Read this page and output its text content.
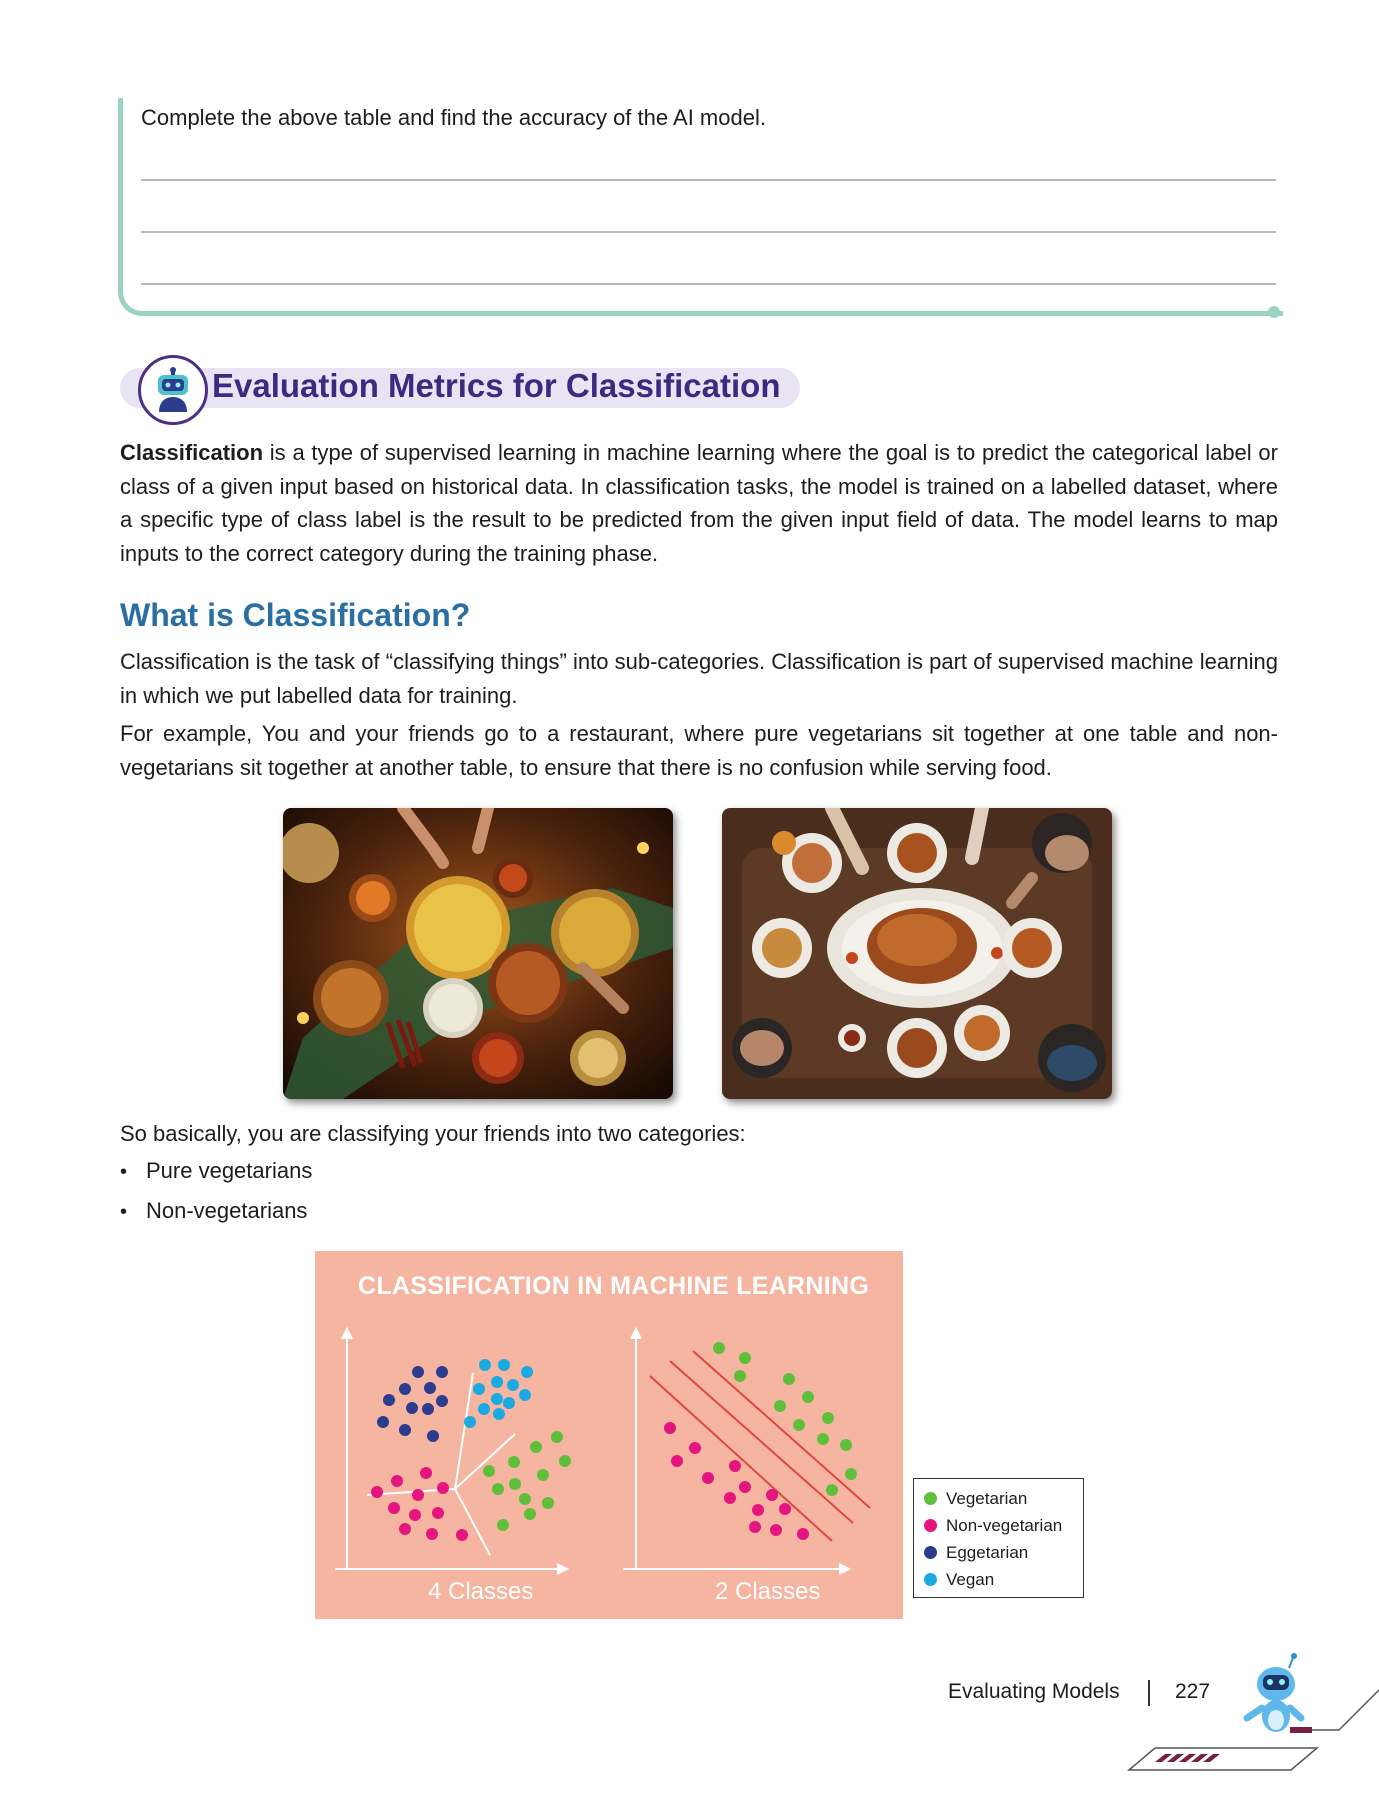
Complete the above table and find the accuracy of the AI model.
Evaluation Metrics for Classification
Classification is a type of supervised learning in machine learning where the goal is to predict the categorical label or class of a given input based on historical data. In classification tasks, the model is trained on a labelled dataset, where a specific type of class label is the result to be predicted from the given input field of data. The model learns to map inputs to the correct category during the training phase.
What is Classification?
Classification is the task of “classifying things” into sub-categories. Classification is part of supervised machine learning in which we put labelled data for training.
For example, You and your friends go to a restaurant, where pure vegetarians sit together at one table and non-vegetarians sit together at another table, to ensure that there is no confusion while serving food.
So basically, you are classifying your friends into two categories:
• Pure vegetarians
• Non-vegetarians
CLASSIFICATION IN MACHINE LEARNING
4 Classes	2 Classes
Vegetarian
Non-vegetarian
Eggetarian
Vegan
Evaluating Models	227
